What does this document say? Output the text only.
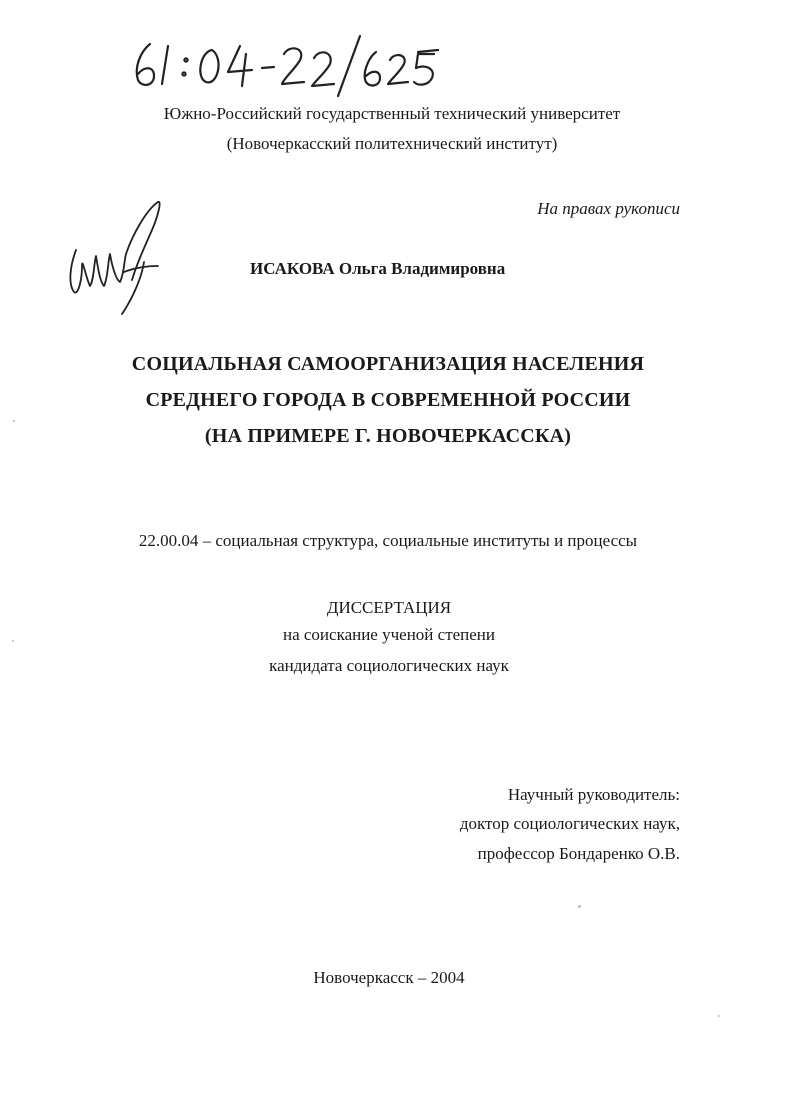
Южно-Российский государственный технический университет
(Новочеркасский политехнический институт)
На правах рукописи
ИСАКОВА Ольга Владимировна
СОЦИАЛЬНАЯ САМООРГАНИЗАЦИЯ НАСЕЛЕНИЯ
СРЕДНЕГО ГОРОДА В СОВРЕМЕННОЙ РОССИИ
(НА ПРИМЕРЕ Г. НОВОЧЕРКАССКА)
22.00.04 – социальная структура, социальные институты и процессы
ДИССЕРТАЦИЯ
на соискание ученой степени
кандидата социологических наук
Научный руководитель:
доктор социологических наук,
профессор Бондаренко О.В.
Новочеркасск – 2004
